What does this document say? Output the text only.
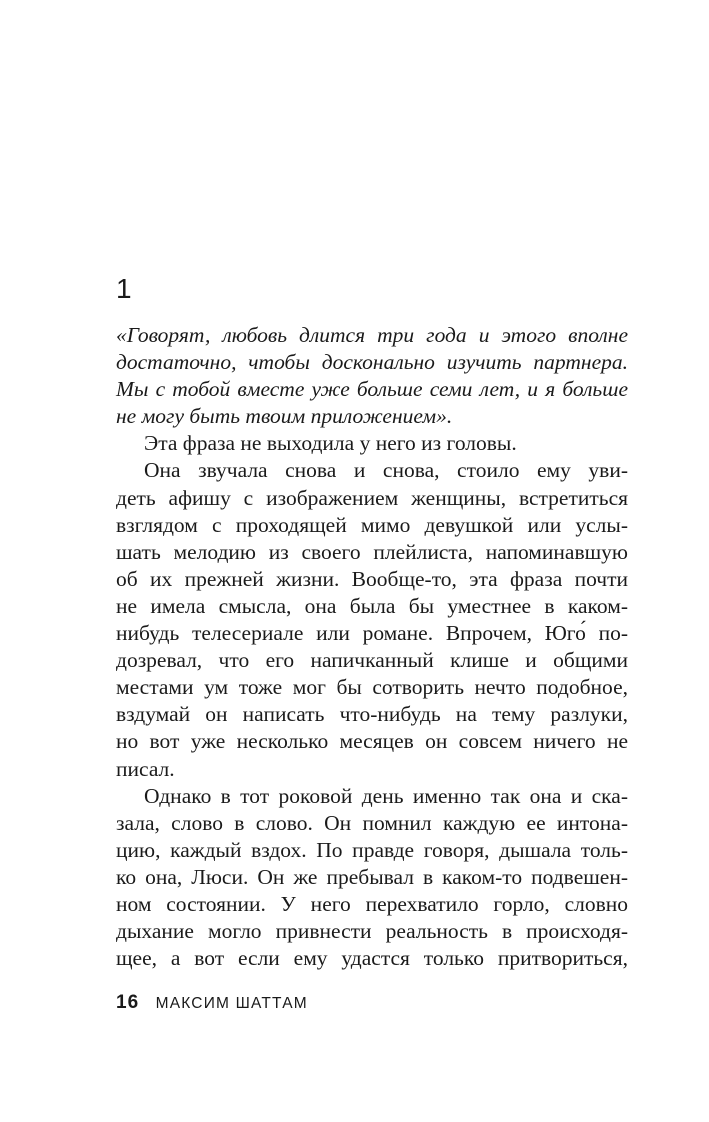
1
«Говорят, любовь длится три года и этого вполне
достаточно, чтобы досконально изучить партнера.
Мы с тобой вместе уже больше семи лет, и я больше
не могу быть твоим приложением».
Эта фраза не выходила у него из головы.
Она звучала снова и снова, стоило ему уви-
деть афишу с изображением женщины, встретиться
взглядом с проходящей мимо девушкой или услы-
шать мелодию из своего плейлиста, напоминавшую
об их прежней жизни. Вообще-то, эта фраза почти
не имела смысла, она была бы уместнее в каком-
нибудь телесериале или романе. Впрочем, Юго́ по-
дозревал, что его напичканный клише и общими
местами ум тоже мог бы сотворить нечто подобное,
вздумай он написать что-нибудь на тему разлуки,
но вот уже несколько месяцев он совсем ничего не
писал.
Однако в тот роковой день именно так она и ска-
зала, слово в слово. Он помнил каждую ее интона-
цию, каждый вздох. По правде говоря, дышала толь-
ко она, Люси. Он же пребывал в каком-то подвешен-
ном состоянии. У него перехватило горло, словно
дыхание могло привнести реальность в происходя-
щее, а вот если ему удастся только притвориться,
16 МАКСИМ ШАТТАМ
